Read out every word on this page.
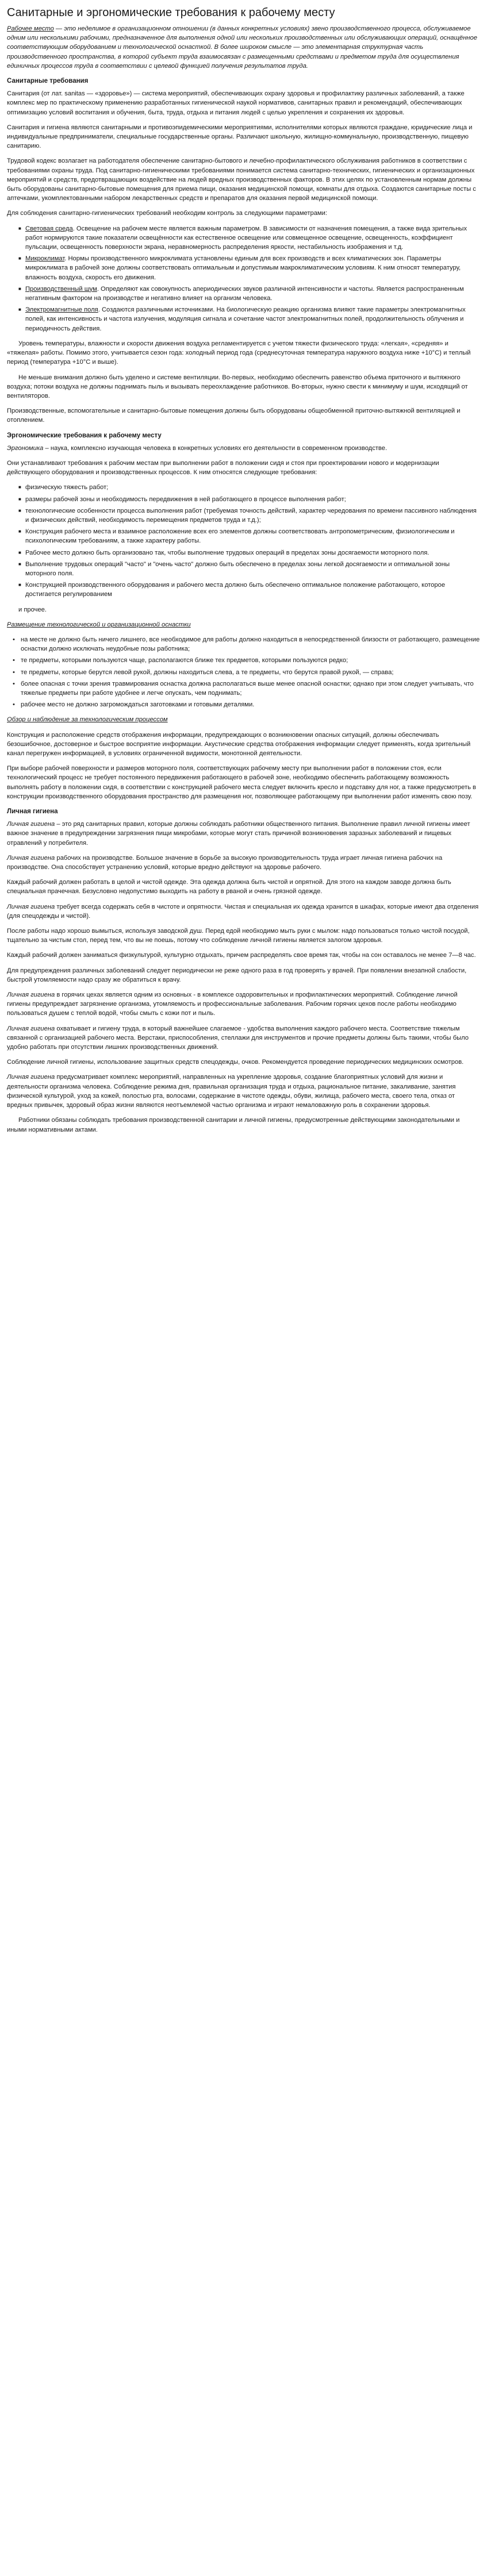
Санитарные и эргономические требования к рабочему месту

Рабочее место — это неделимое в организационном отношении (в данных конкретных условиях) звено производственного процесса, обслуживаемое одним или несколькими рабочими, предназначенное для выполнения одной или нескольких производственных или обслуживающих операций, оснащённое соответствующим оборудованием и технологической оснасткой. В более широком смысле — это элементарная структурная часть производственного пространства, в которой субъект труда взаимосвязан с размещенными средствами и предметом труда для осуществления единичных процессов труда в соответствии с целевой функцией получения результатов труда.

Санитарные требования

Санитария (от лат. sanitas — «здоровье») — система мероприятий, обеспечивающих охрану здоровья и профилактику различных заболеваний, а также комплекс мер по практическому применению разработанных гигиенической наукой нормативов, санитарных правил и рекомендаций, обеспечивающих оптимизацию условий воспитания и обучения, быта, труда, отдыха и питания людей с целью укрепления и сохранения их здоровья.

Санитария и гигиена являются санитарными и противоэпидемическими мероприятиями, исполнителями которых являются граждане, юридические лица и индивидуальные предприниматели, специальные государственные органы. Различают школьную, жилищно-коммунальную, производственную, пищевую санитарию.

Трудовой кодекс возлагает на работодателя обеспечение санитарно-бытового и лечебно-профилактического обслуживания работников в соответствии с требованиями охраны труда. Под санитарно-гигиеническими требованиями понимается система санитарно-технических, гигиенических и организационных мероприятий и средств, предотвращающих воздействие на людей вредных производственных факторов. В этих целях по установленным нормам должны быть оборудованы санитарно-бытовые помещения для приема пищи, оказания медицинской помощи, комнаты для отдыха. Создаются санитарные посты с аптечками, укомплектованными набором лекарственных средств и препаратов для оказания первой медицинской помощи.

Для соблюдения санитарно-гигиенических требований необходим контроль за следующими параметрами:

■ Световая среда. Освещение на рабочем месте является важным параметром. В зависимости от назначения помещения, а также вида зрительных работ нормируются такие показатели освещённости как естественное освещение или совмещенное освещение, освещенность, коэффициент пульсации, освещенность поверхности экрана, неравномерность распределения яркости, нестабильность изображения и т.д.
■ Микроклимат. Нормы производственного микроклимата установлены единым для всех производств и всех климатических зон. Параметры микроклимата в рабочей зоне должны соответствовать оптимальным и допустимым макроклиматическим условиям. К ним относят температуру, влажность воздуха, скорость его движения.
■ Производственный шум. Определяют как совокупность апериодических звуков различной интенсивности и частоты. Является распространенным негативным фактором на производстве и негативно влияет на организм человека.
■ Электромагнитные поля. Создаются различными источниками. На биологическую реакцию организма влияют такие параметры электромагнитных полей, как интенсивность и частота излучения, модуляция сигнала и сочетание частот электромагнитных полей, продолжительность облучения и периодичность действия.

Уровень температуры, влажности и скорости движения воздуха регламентируется с учетом тяжести физического труда: «легкая», «средняя» и «тяжелая» работы. Помимо этого, учитывается сезон года: холодный период года (среднесуточная температура наружного воздуха ниже +10°С) и теплый период (температура +10°С и выше).

Не меньше внимания должно быть уделено и системе вентиляции. Во-первых, необходимо обеспечить равенство объема приточного и вытяжного воздуха; потоки воздуха не должны поднимать пыль и вызывать переохлаждение работников. Во-вторых, нужно свести к минимуму и шум, исходящий от вентиляторов.

Производственные, вспомогательные и санитарно-бытовые помещения должны быть оборудованы общеобменной приточно-вытяжной вентиляцией и отоплением.

Эргономические требования к рабочему месту

Эргономика – наука, комплексно изучающая человека в конкретных условиях его деятельности в современном производстве.

Они устанавливают требования к рабочим местам при выполнении работ в положении сидя и стоя при проектировании нового и модернизации действующего оборудования и производственных процессов. К ним относятся следующие требования:

■ физическую тяжесть работ;
■ размеры рабочей зоны и необходимость передвижения в ней работающего в процессе выполнения работ;
■ технологические особенности процесса выполнения работ (требуемая точность действий, характер чередования по времени пассивного наблюдения и физических действий, необходимость перемещения предметов труда и т.д.);
■ Конструкция рабочего места и взаимное расположение всех его элементов должны соответствовать антропометрическим, физиологическим и психологическим требованиям, а также характеру работы.
■ Рабочее место должно быть организовано так, чтобы выполнение трудовых операций в пределах зоны досягаемости моторного поля.
■ Выполнение трудовых операций "часто" и "очень часто" должно быть обеспечено в пределах зоны легкой досягаемости и оптимальной зоны моторного поля.
■ Конструкцией производственного оборудования и рабочего места должно быть обеспечено оптимальное положение работающего, которое достигается регулированием

и прочее.

Размещение технологической и организационной оснастки

• на месте не должно быть ничего лишнего, все необходимое для работы должно находиться в непосредственной близости от работающего, размещение оснастки должно исключать неудобные позы работника;
• те предметы, которыми пользуются чаще, располагаются ближе тех предметов, которыми пользуются редко;
• те предметы, которые берутся левой рукой, должны находиться слева, а те предметы, что берутся правой рукой, — справа;
• более опасная с точки зрения травмирования оснастка должна располагаться выше менее опасной оснастки; однако при этом следует учитывать, что тяжелые предметы при работе удобнее и легче опускать, чем поднимать;
• рабочее место не должно загромождаться заготовками и готовыми деталями.

Обзор и наблюдение за технологическим процессом

Конструкция и расположение средств отображения информации, предупреждающих о возникновении опасных ситуаций, должны обеспечивать безошибочное, достоверное и быстрое восприятие информации. Акустические средства отображения информации следует применять, когда зрительный канал перегружен информацией, в условиях ограниченной видимости, монотонной деятельности.

При выборе рабочей поверхности и размеров моторного поля, соответствующих рабочему месту при выполнении работ в положении стоя, если технологический процесс не требует постоянного передвижения работающего в рабочей зоне, необходимо обеспечить работающему возможность выполнять работу в положении сидя, в соответствии с конструкцией рабочего места следует включить кресло и подставку для ног, а также предусмотреть в конструкции производственного оборудования пространство для размещения ног, позволяющее работающему при выполнении работ изменять свою позу.

Личная гигиена

Личная гигиена – это ряд санитарных правил, которые должны соблюдать работники общественного питания. Выполнение правил личной гигиены имеет важное значение в предупреждении загрязнения пищи микробами, которые могут стать причиной возникновения заразных заболеваний и пищевых отравлений у потребителя.

Личная гигиена рабочих на производстве. Большое значение в борьбе за высокую производительность труда играет личная гигиена рабочих на производстве. Она способствует устранению условий, которые вредно действуют на здоровье рабочего.

Каждый рабочий должен работать в целой и чистой одежде. Эта одежда должна быть чистой и опрятной. Для этого на каждом заводе должна быть специальная прачечная. Безусловно недопустимо выходить на работу в рваной и очень грязной одежде.

Личная гигиена требует всегда содержать себя в чистоте и опрятности. Чистая и специальная их одежда хранится в шкафах, которые имеют два отделения (для спецодежды и чистой).

После работы надо хорошо вымыться, используя заводской душ. Перед едой необходимо мыть руки с мылом: надо пользоваться только чистой посудой, тщательно за чистым стол, перед тем, что вы не поешь, потому что соблюдение личной гигиены является залогом здоровья.

Каждый рабочий должен заниматься физкультурой, культурно отдыхать, причем распределять свое время так, чтобы на сон оставалось не менее 7—8 час.

Для предупреждения различных заболеваний следует периодически не реже одного раза в год проверять у врачей. При появлении внезапной слабости, быстрой утомляемости надо сразу же обратиться к врачу.

Личная гигиена в горячих цехах является одним из основных - в комплексе оздоровительных и профилактических мероприятий. Соблюдение личной гигиены предупреждает загрязнение организма, утомляемость и профессиональные заболевания. Рабочим горячих цехов после работы необходимо пользоваться душем с теплой водой, чтобы смыть с кожи пот и пыль.

Личная гигиена охватывает и гигиену труда, в который важнейшее слагаемое - удобства выполнения каждого рабочего места. Соответствие тяжелым связанной с организацией рабочего места. Верстаки, приспособления, стеллажи для инструментов и прочие предметы должны быть такими, чтобы было удобно работать при отсутствии лишних производственных движений.

Соблюдение личной гигиены, использование защитных средств спецодежды, очков. Рекомендуется проведение периодических медицинских осмотров.

Личная гигиена предусматривает комплекс мероприятий, направленных на укрепление здоровья, создание благоприятных условий для жизни и деятельности организма человека. Соблюдение режима дня, правильная организация труда и отдыха, рациональное питание, закаливание, занятия физической культурой, уход за кожей, полостью рта, волосами, содержание в чистоте одежды, обуви, жилища, рабочего места, своего тела, отказ от вредных привычек, здоровый образ жизни являются неотъемлемой частью организма и играют немаловажную роль в сохранении здоровья.

Работники обязаны соблюдать требования производственной санитарии и личной гигиены, предусмотренные действующими законодательными и иными нормативными актами.
